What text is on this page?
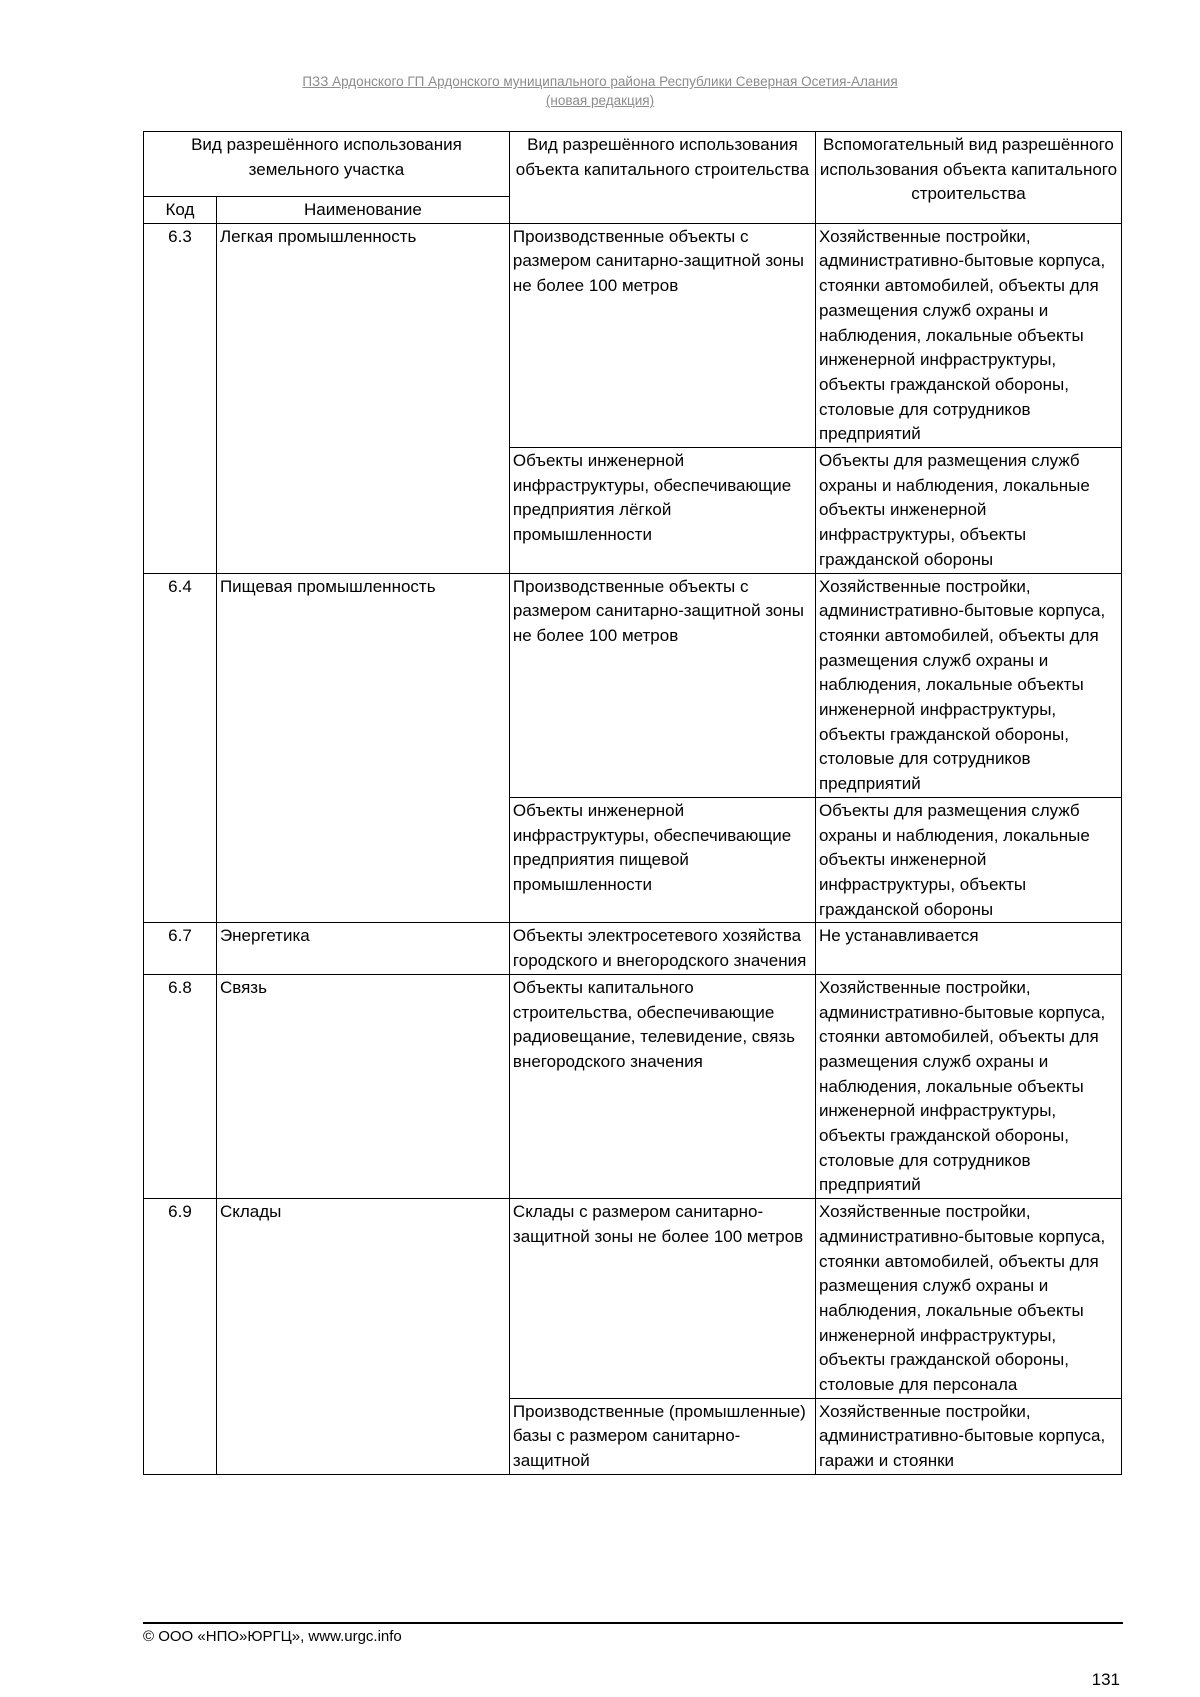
ПЗЗ Ардонского ГП Ардонского муниципального района Республики Северная Осетия-Алания
(новая редакция)
Вид разрешённого использования земельного участка		Вид разрешённого использования объекта капитального строительства	Вспомогательный вид разрешённого использования объекта капитального строительства
Код	Наименование		
6.3	Легкая промышленность	Производственные объекты с размером санитарно-защитной зоны не более 100 метров	Хозяйственные постройки, административно-бытовые корпуса, стоянки автомобилей, объекты для размещения служб охраны и наблюдения, локальные объекты инженерной инфраструктуры, объекты гражданской обороны, столовые для сотрудников предприятий
		Объекты инженерной инфраструктуры, обеспечивающие предприятия лёгкой промышленности	Объекты для размещения служб охраны и наблюдения, локальные объекты инженерной инфраструктуры, объекты гражданской обороны
6.4	Пищевая промышленность	Производственные объекты с размером санитарно-защитной зоны не более 100 метров	Хозяйственные постройки, административно-бытовые корпуса, стоянки автомобилей, объекты для размещения служб охраны и наблюдения, локальные объекты инженерной инфраструктуры, объекты гражданской обороны, столовые для сотрудников предприятий
		Объекты инженерной инфраструктуры, обеспечивающие предприятия пищевой промышленности	Объекты для размещения служб охраны и наблюдения, локальные объекты инженерной инфраструктуры, объекты гражданской обороны
6.7	Энергетика	Объекты электросетевого хозяйства городского и внегородского значения	Не устанавливается
6.8	Связь	Объекты капитального строительства, обеспечивающие радиовещание, телевидение, связь внегородского значения	Хозяйственные постройки, административно-бытовые корпуса, стоянки автомобилей, объекты для размещения служб охраны и наблюдения, локальные объекты инженерной инфраструктуры, объекты гражданской обороны, столовые для сотрудников предприятий
6.9	Склады	Склады с размером санитарно-защитной зоны не более 100 метров	Хозяйственные постройки, административно-бытовые корпуса, стоянки автомобилей, объекты для размещения служб охраны и наблюдения, локальные объекты инженерной инфраструктуры, объекты гражданской обороны, столовые для персонала
		Производственные (промышленные) базы с размером санитарно-защитной	Хозяйственные постройки, административно-бытовые корпуса, гаражи и стоянки
© ООО «НПО»ЮРГЦ», www.urgc.info
131
